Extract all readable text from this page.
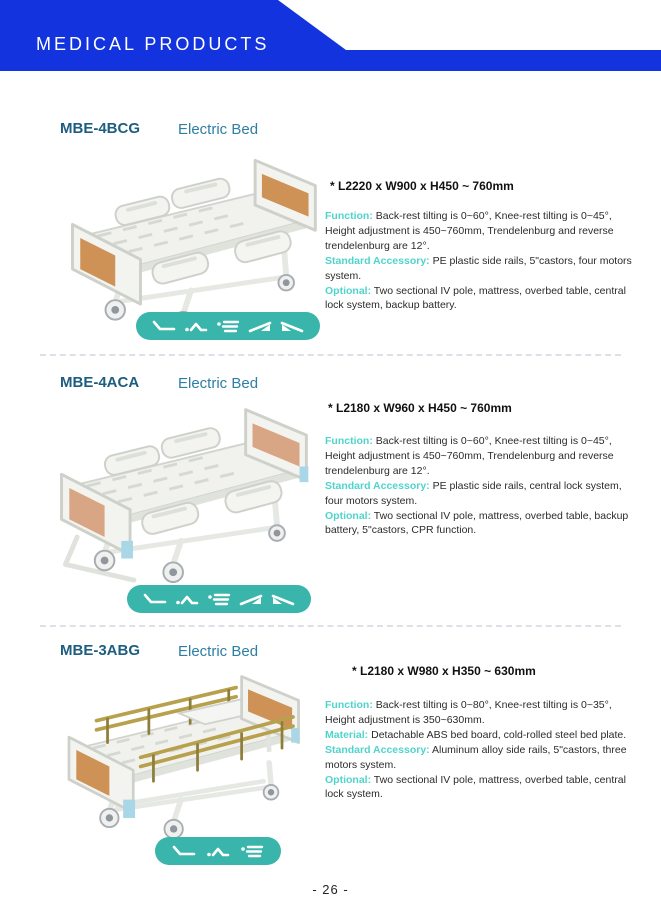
MEDICAL PRODUCTS
MBE-4BCG	Electric Bed
* L2220 x W900 x H450 ~ 760mm
Function: Back-rest tilting is 0~60°, Knee-rest tilting is 0~45°, Height adjustment is 450~760mm, Trendelenburg and reverse trendelenburg are 12°.
Standard Accessory: PE plastic side rails, 5"castors, four motors system.
Optional: Two sectional IV pole, mattress, overbed table, central lock system, backup battery.
MBE-4ACA	Electric Bed
* L2180 x W960 x H450 ~ 760mm
Function: Back-rest tilting is 0~60°, Knee-rest tilting is 0~45°, Height adjustment is 450~760mm, Trendelenburg and reverse trendelenburg are 12°.
Standard Accessory: PE plastic side rails, central lock system, four motors system.
Optional: Two sectional IV pole, mattress, overbed table, backup battery, 5"castors, CPR function.
MBE-3ABG	Electric Bed
* L2180 x W980 x H350 ~ 630mm
Function: Back-rest tilting is 0~80°, Knee-rest tilting is 0~35°, Height adjustment is 350~630mm.
Material: Detachable ABS bed board, cold-rolled steel bed plate.
Standard Accessory: Aluminum alloy side rails, 5"castors, three motors system.
Optional: Two sectional IV pole, mattress, overbed table, central lock system.
- 26 -
